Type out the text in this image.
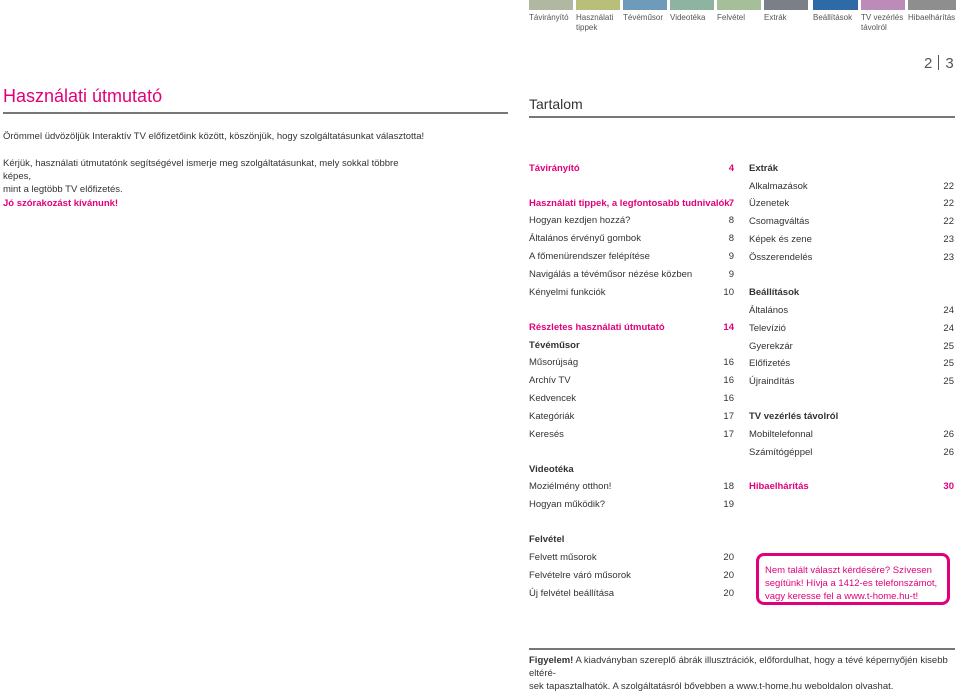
Távirányító Használati tippek
Tévéműsor Videotéka	Felvétel	Extrák	Beállítások	TV vezérlés távolról
Hibaelhárítás
2 3
Használati útmutató	Tartalom
Örömmel üdvözöljük Interaktív TV előfizetőink között, köszönjük, hogy szolgáltatásunkat választotta!
Kérjük, használati útmutatónk segítségével ismerje meg szolgáltatásunkat, mely sokkal többre képes,
mint a legtöbb TV előfizetés.
Jó szórakozást kívánunk!
Távirányító	4
Használati tippek, a legfontosabb tudnivalók 7
Hogyan kezdjen hozzá?	8
Általános érvényű gombok	8
A főmenürendszer felépítése	9
Navigálás a tévéműsor nézése közben	9
Kényelmi funkciók	10
Részletes használati útmutató	14
Tévéműsor
Műsorújság	16
Archív TV	16
Kedvencek	16
Kategóriák	17
Keresés	17
Videotéka
Moziélmény otthon!	18
Hogyan működik?	19
Felvétel
Felvett műsorok	20
Felvételre váró műsorok	20
Új felvétel beállítása	20
Extrák
Alkalmazások	22
Üzenetek	22
Csomagváltás	22
Képek és zene	23
Összerendelés	23
Beállítások
Általános	24
Televízió	24
Gyerekzár	25
Előfizetés	25
Újraindítás	25
TV vezérlés távolról
Mobiltelefonnal	26
Számítógéppel	26
Hibaelhárítás	30
Nem talált választ kérdésére? Szívesen
segítünk! Hívja a 1412-es telefonszámot,
vagy keresse fel a www.t-home.hu-t!
Figyelem! A kiadványban szereplő ábrák illusztrációk, előfordulhat, hogy a tévé képernyőjén kisebb eltéré-
sek tapasztalhatók. A szolgáltatásról bővebben a www.t-home.hu weboldalon olvashat.
